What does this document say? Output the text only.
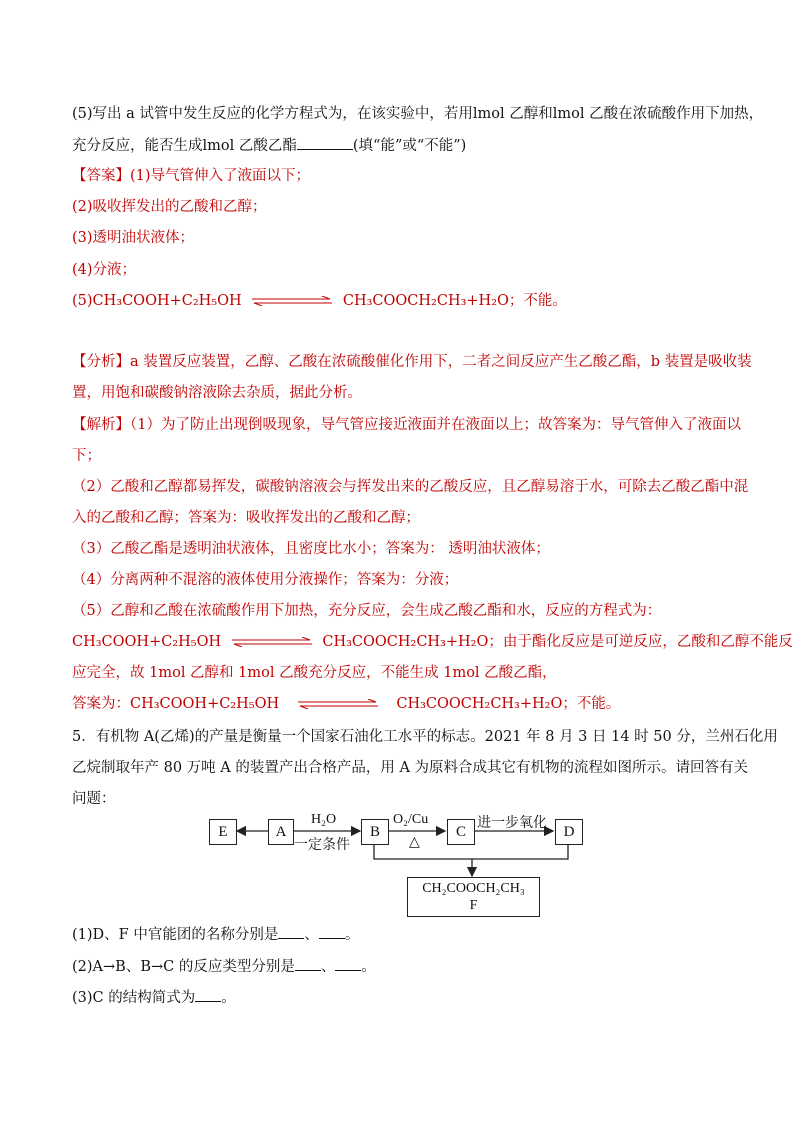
(5)写出 a 试管中发生反应的化学方程式为，在该实验中，若用lmol 乙醇和lmol 乙酸在浓硫酸作用下加热，
充分反应，能否生成lmol 乙酸乙酯	(填“能”或“不能”)
【答案】(1)导气管伸入了液面以下；
(2)吸收挥发出的乙酸和乙醇；
(3)透明油状液体；
(4)分液；
(5)CH₃COOH+C₂H₅OH	CH₃COOCH₂CH₃+H₂O；不能。
【分析】a 装置反应装置，乙醇、乙酸在浓硫酸催化作用下，二者之间反应产生乙酸乙酯，b 装置是吸收装
置，用饱和碳酸钠溶液除去杂质，据此分析。
【解析】（1）为了防止出现倒吸现象，导气管应接近液面并在液面以上；故答案为：导气管伸入了液面以
下；
（2）乙酸和乙醇都易挥发，碳酸钠溶液会与挥发出来的乙酸反应，且乙醇易溶于水，可除去乙酸乙酯中混
入的乙酸和乙醇；答案为：吸收挥发出的乙酸和乙醇；
（3）乙酸乙酯是透明油状液体，且密度比水小；答案为： 透明油状液体；
（4）分离两种不混溶的液体使用分液操作；答案为：分液；
（5）乙醇和乙酸在浓硫酸作用下加热，充分反应，会生成乙酸乙酯和水，反应的方程式为：
CH₃COOH+C₂H₅OH	CH₃COOCH₂CH₃+H₂O；由于酯化反应是可逆反应，乙酸和乙醇不能反
应完全，故 1mol 乙醇和 1mol 乙酸充分反应，不能生成 1mol 乙酸乙酯，
答案为：CH₃COOH+C₂H₅OH	CH₃COOCH₂CH₃+H₂O；不能。
5．有机物 A(乙烯)的产量是衡量一个国家石油化工水平的标志。2021 年 8 月 3 日 14 时 50 分，兰州石化用
乙烷制取年产 80 万吨 A 的装置产出合格产品，用 A 为原料合成其它有机物的流程如图所示。请回答有关
问题：
E	A	B	C	D
H₂O
一定条件
O₂/Cu
△
进一步氧化
CH₂COOCH₂CH₃
F
(1)D、F 中官能团的名称分别是 、 。
(2)A→B、B→C 的反应类型分别是 、 。
(3)C 的结构简式为 。
